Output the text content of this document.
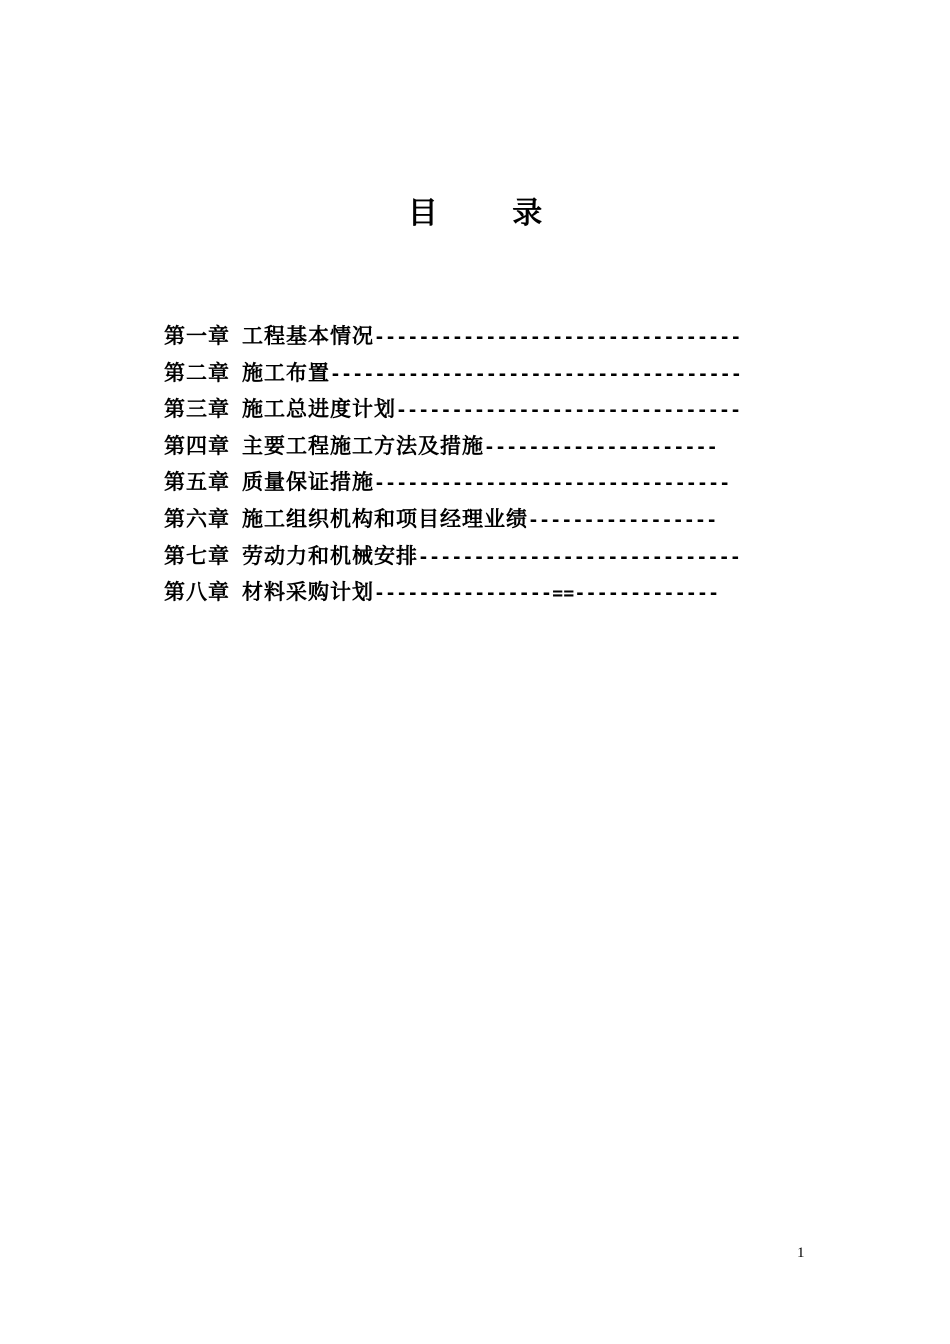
目 录
第一章 工程基本情况---------------------------------
第二章 施工布置-------------------------------------
第三章 施工总进度计划-------------------------------
第四章 主要工程施工方法及措施---------------------
第五章 质量保证措施--------------------------------
第六章 施工组织机构和项目经理业绩-----------------
第七章 劳动力和机械安排-----------------------------
第八章 材料采购计划----------------==-------------
1
